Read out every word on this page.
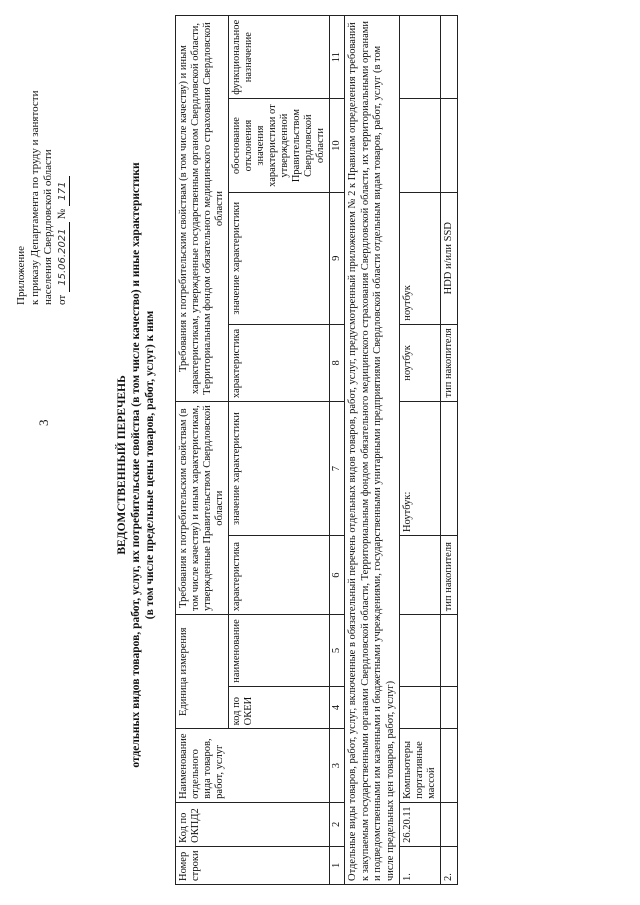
3
Приложение к приказу Департамента по труду и занятости населения Свердловской области от 15.06.2021 № 171
ВЕДОМСТВЕННЫЙ ПЕРЕЧЕНЬ отдельных видов товаров, работ, услуг, их потребительские свойства (в том числе качество) и иные характеристики (в том числе предельные цены товаров, работ, услуг) к ним
Номер строки	Код по ОКПД2	Наименование отдельного вида товаров, работ, услуг	Единица измерения		Требования к потребительским свойствам (в том числе качеству) и иным характеристикам, утвержденные Правительством Свердловской области		Требования к потребительским свойствам (в том числе качеству) и иным характеристикам, утвержденные государственным органом Свердловской области, Территориальным фондом обязательного медицинского страхования Свердловской области			
			код по ОКЕИ	наименование	характеристика	значение характеристики	характеристика	значение характеристики	обоснование отклонения значения характеристики от утвержденной Правительством Свердловской области	функциональное назначение
1	2	3	4	5	6	7	8	9	10	11
Отдельные виды товаров, работ, услуг, включенные в обязательный перечень отдельных видов товаров, работ, услуг, предусмотренный приложением № 2 к Правилам определения требований к закупаемым государственными органами Свердловской области, Территориальным фондом обязательного медицинского страхования Свердловской области, их территориальными органами и подведомственными им казенными и бюджетными учреждениями, государственными унитарными предприятиями Свердловской области отдельным видам товаров, работ, услуг (в том числе предельных цен товаров, работ, услуг)										
1.	26.20.11	Компьютеры портативные массой				Ноутбук:	ноутбук	ноутбук		
2.					тип накопителя		тип накопителя	HDD и/или SSD		
